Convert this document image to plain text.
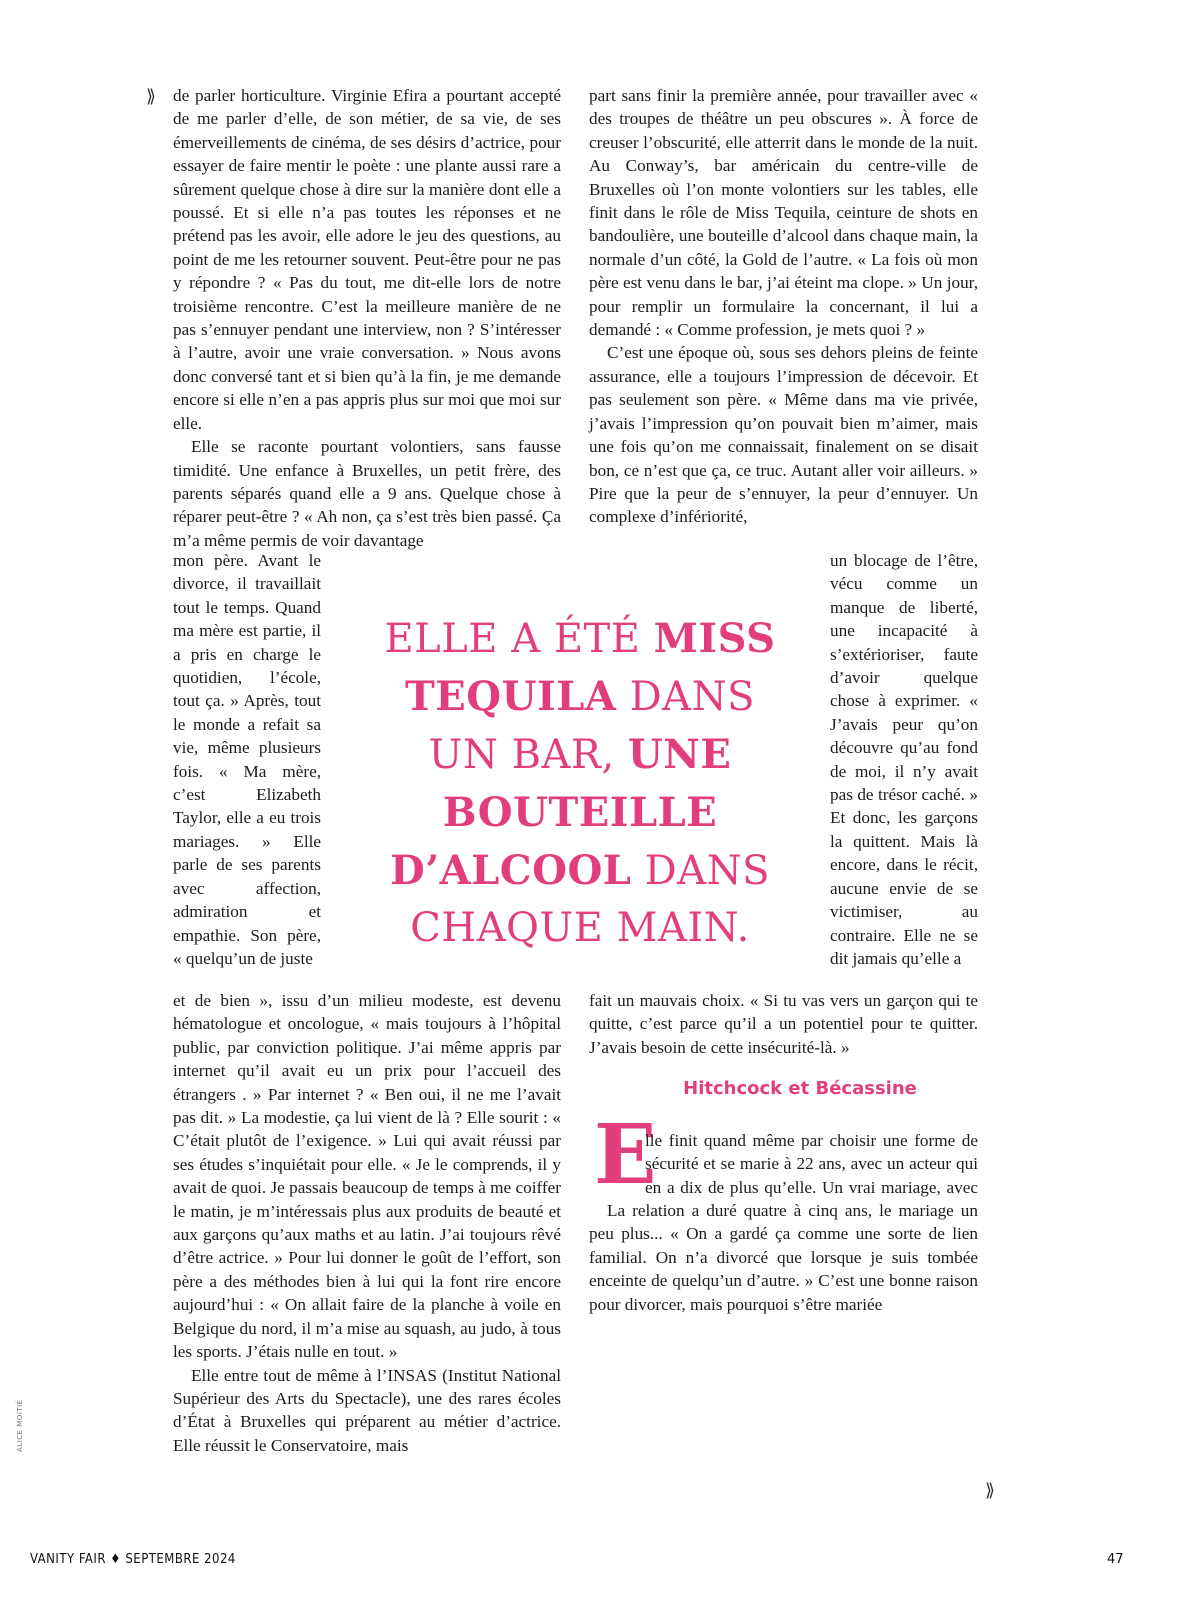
⟫ de parler horticulture. Virginie Efira a pourtant accepté de me parler d’elle, de son métier, de sa vie, de ses émerveillements de cinéma, de ses désirs d’actrice, pour essayer de faire mentir le poète : une plante aussi rare a sûrement quelque chose à dire sur la manière dont elle a poussé. Et si elle n’a pas toutes les réponses et ne prétend pas les avoir, elle adore le jeu des questions, au point de me les retourner souvent. Peut-être pour ne pas y répondre ? « Pas du tout, me dit-elle lors de notre troisième rencontre. C’est la meilleure manière de ne pas s’ennuyer pendant une interview, non ? S’intéresser à l’autre, avoir une vraie conversation. » Nous avons donc conversé tant et si bien qu’à la fin, je me demande encore si elle n’en a pas appris plus sur moi que moi sur elle.

Elle se raconte pourtant volontiers, sans fausse timidité. Une enfance à Bruxelles, un petit frère, des parents séparés quand elle a 9 ans. Quelque chose à réparer peut-être ? « Ah non, ça s’est très bien passé. Ça m’a même permis de voir davantage

mon père. Avant le divorce, il travaillait tout le temps. Quand ma mère est partie, il a pris en charge le quotidien, l’école, tout ça. » Après, tout le monde a refait sa vie, même plusieurs fois. « Ma mère, c’est Elizabeth Taylor, elle a eu trois mariages. » Elle parle de ses parents avec affection, admiration et empathie. Son père, « quelqu’un de juste

et de bien », issu d’un milieu modeste, est devenu hématologue et oncologue, « mais toujours à l’hôpital public, par conviction politique. J’ai même appris par internet qu’il avait eu un prix pour l’accueil des étrangers . » Par internet ? « Ben oui, il ne me l’avait pas dit. » La modestie, ça lui vient de là ? Elle sourit : « C’était plutôt de l’exigence. » Lui qui avait réussi par ses études s’inquiétait pour elle. « Je le comprends, il y avait de quoi. Je passais beaucoup de temps à me coiffer le matin, je m’intéressais plus aux produits de beauté et aux garçons qu’aux maths et au latin. J’ai toujours rêvé d’être actrice. » Pour lui donner le goût de l’effort, son père a des méthodes bien à lui qui la font rire encore aujourd’hui : « On allait faire de la planche à voile en Belgique du nord, il m’a mise au squash, au judo, à tous les sports. J’étais nulle en tout. »

Elle entre tout de même à l’INSAS (Institut National Supérieur des Arts du Spectacle), une des rares écoles d’État à Bruxelles qui préparent au métier d’actrice. Elle réussit le Conservatoire, mais

part sans finir la première année, pour travailler avec « des troupes de théâtre un peu obscures ». À force de creuser l’obscurité, elle atterrit dans le monde de la nuit. Au Conway’s, bar américain du centre-ville de Bruxelles où l’on monte volontiers sur les tables, elle finit dans le rôle de Miss Tequila, ceinture de shots en bandoulière, une bouteille d’alcool dans chaque main, la normale d’un côté, la Gold de l’autre. « La fois où mon père est venu dans le bar, j’ai éteint ma clope. » Un jour, pour remplir un formulaire la concernant, il lui a demandé : « Comme profession, je mets quoi ? »

C’est une époque où, sous ses dehors pleins de feinte assurance, elle a toujours l’impression de décevoir. Et pas seulement son père. « Même dans ma vie privée, j’avais l’impression qu’on pouvait bien m’aimer, mais une fois qu’on me connaissait, finalement on se disait bon, ce n’est que ça, ce truc. Autant aller voir ailleurs. » Pire que la peur de s’ennuyer, la peur d’ennuyer. Un complexe d’infériorité,

un blocage de l’être, vécu comme un manque de liberté, une incapacité à s’extérioriser, faute d’avoir quelque chose à exprimer. « J’avais peur qu’on découvre qu’au fond de moi, il n’y avait pas de trésor caché. » Et donc, les garçons la quittent. Mais là encore, dans le récit, aucune envie de se victimiser, au contraire. Elle ne se dit jamais qu’elle a

fait un mauvais choix. « Si tu vas vers un garçon qui te quitte, c’est parce qu’il a un potentiel pour te quitter. J’avais besoin de cette insécurité-là. »

Hitchcock et Bécassine
E

lle finit quand même par choisir une forme de sécurité et se marie à 22 ans, avec un acteur qui en a dix de plus qu’elle. Un vrai mariage, avec

La relation a duré quatre à cinq ans, le mariage un peu plus... « On a gardé ça comme une sorte de lien familial. On n’a divorcé que lorsque je suis tombée enceinte de quelqu’un d’autre. » C’est une bonne raison pour divorcer, mais pourquoi s’être mariée

⟫
ELLE A ÉTÉ MISS
TEQUILA DANS
UN BAR, UNE
BOUTEILLE
D’ALCOOL DANS
CHAQUE MAIN.
ALICE MOITIÉ
VANITY FAIR ♦ SEPTEMBRE 2024	47
